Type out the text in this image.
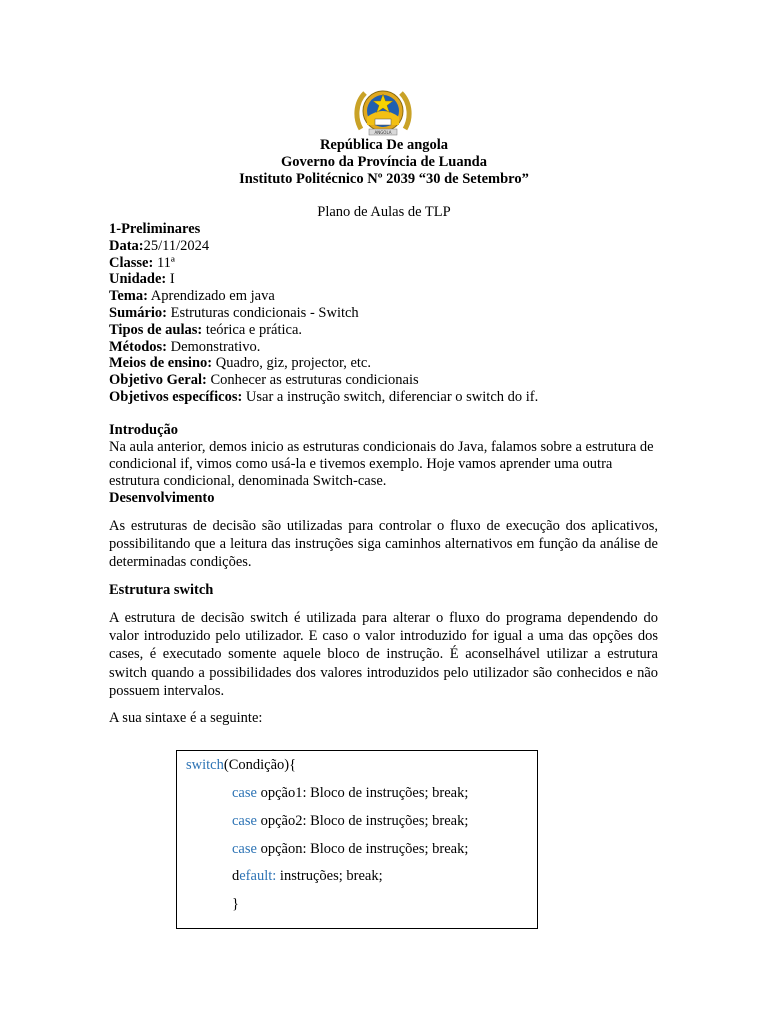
ANGOLA
República De angola
Governo da Província de Luanda
Instituto Politécnico Nº 2039 “30 de Setembro”
Plano de Aulas de TLP
1-Preliminares
Data:25/11/2024
Classe: 11ª
Unidade: I
Tema: Aprendizado em java
Sumário: Estruturas condicionais - Switch
Tipos de aulas: teórica e prática.
Métodos: Demonstrativo.
Meios de ensino: Quadro, giz, projector, etc.
Objetivo Geral: Conhecer as estruturas condicionais
Objetivos específicos: Usar a instrução switch, diferenciar o switch do if.
Introdução
Na aula anterior, demos inicio as estruturas condicionais do Java, falamos sobre a estrutura de condicional if, vimos como usá-la e tivemos exemplo. Hoje vamos aprender uma outra estrutura condicional, denominada Switch-case.
Desenvolvimento

As estruturas de decisão são utilizadas para controlar o fluxo de execução dos aplicativos, possibilitando que a leitura das instruções siga caminhos alternativos em função da análise de determinadas condições.

Estrutura switch

A estrutura de decisão switch é utilizada para alterar o fluxo do programa dependendo do valor introduzido pelo utilizador. E caso o valor introduzido for igual a uma das opções dos cases, é executado somente aquele bloco de instrução. É aconselhável utilizar a estrutura switch quando a possibilidades dos valores introduzidos pelo utilizador são conhecidos e não possuem intervalos.

A sua sintaxe é a seguinte:
switch(Condição){
case opção1: Bloco de instruções; break;
case opção2: Bloco de instruções; break;
case opçãon: Bloco de instruções; break;
default: instruções; break;
}
